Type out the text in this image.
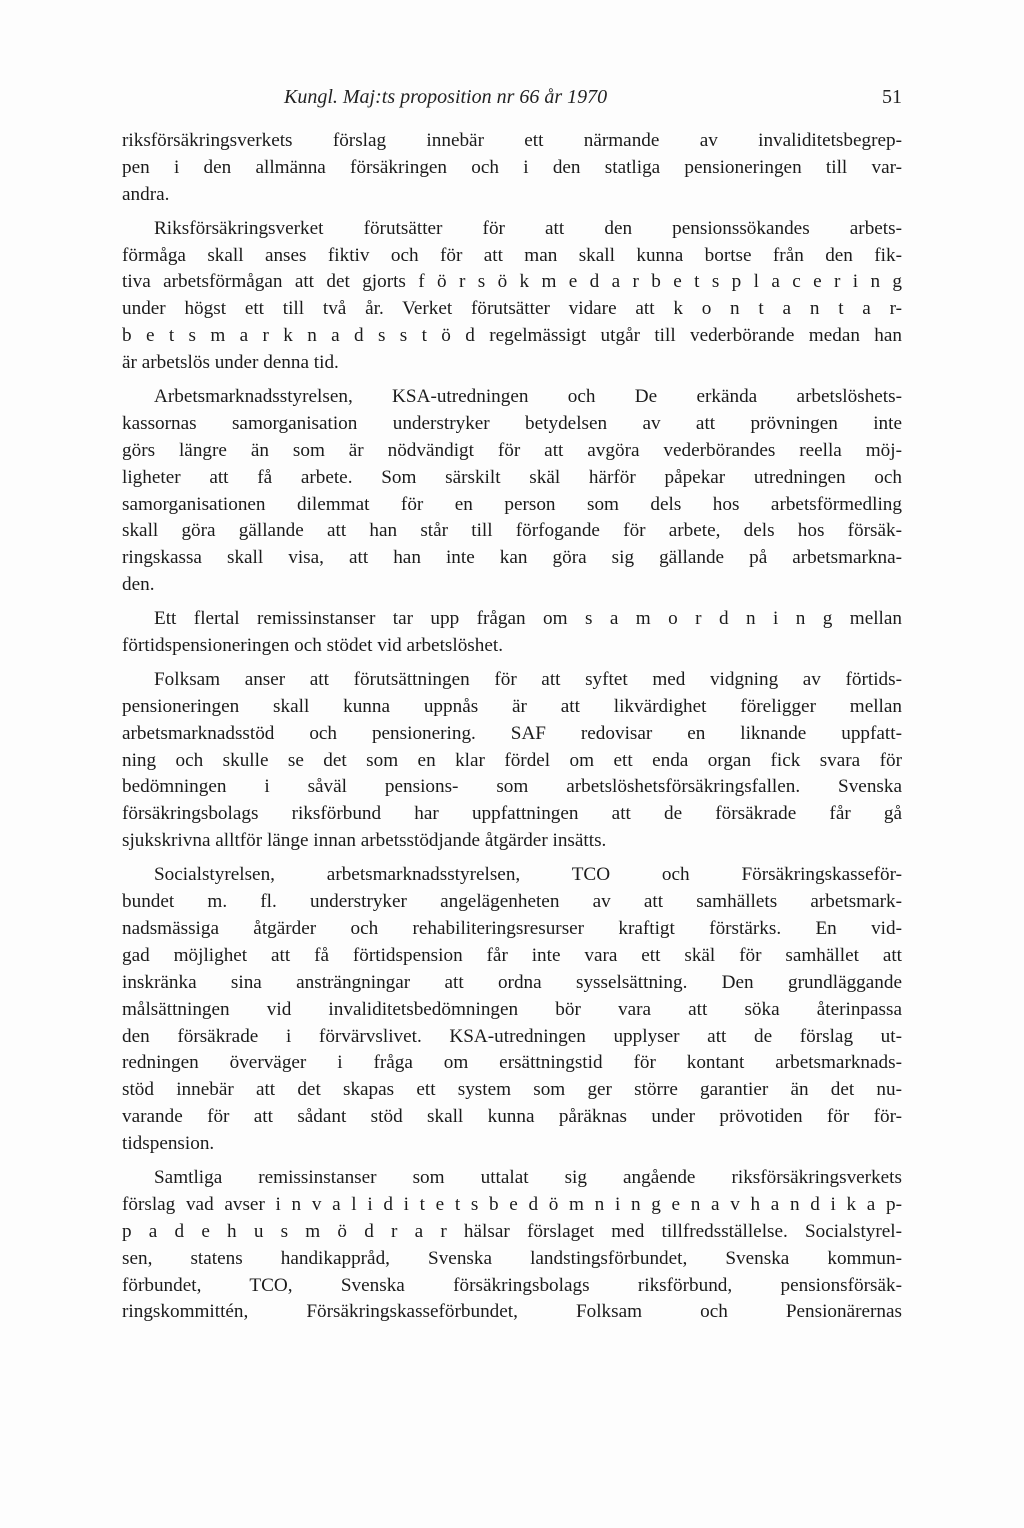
Kungl. Maj:ts proposition nr 66 år 1970	51
riksförsäkringsverkets förslag innebär ett närmande av invaliditetsbegrep-
pen i den allmänna försäkringen och i den statliga pensioneringen till var-
andra.
Riksförsäkringsverket förutsätter för att den pensionssökandes arbets-
förmåga skall anses fiktiv och för att man skall kunna bortse från den fik-
tiva arbetsförmågan att det gjorts f ö r s ö k m e d a r b e t s p l a c e r i n g
under högst ett till två år. Verket förutsätter vidare att k o n t a n t a r-
b e t s m a r k n a d s s t ö d regelmässigt utgår till vederbörande medan han
är arbetslös under denna tid.
Arbetsmarknadsstyrelsen, KSA-utredningen och De erkända arbetslöshets-
kassornas samorganisation understryker betydelsen av att prövningen inte
görs längre än som är nödvändigt för att avgöra vederbörandes reella möj-
ligheter att få arbete. Som särskilt skäl härför påpekar utredningen och
samorganisationen dilemmat för en person som dels hos arbetsförmedling
skall göra gällande att han står till förfogande för arbete, dels hos försäk-
ringskassa skall visa, att han inte kan göra sig gällande på arbetsmarkna-
den.
Ett flertal remissinstanser tar upp frågan om s a m o r d n i n g mellan
förtidspensioneringen och stödet vid arbetslöshet.
Folksam anser att förutsättningen för att syftet med vidgning av förtids-
pensioneringen skall kunna uppnås är att likvärdighet föreligger mellan
arbetsmarknadsstöd och pensionering. SAF redovisar en liknande uppfatt-
ning och skulle se det som en klar fördel om ett enda organ fick svara för
bedömningen i såväl pensions- som arbetslöshetsförsäkringsfallen. Svenska
försäkringsbolags riksförbund har uppfattningen att de försäkrade får gå
sjukskrivna alltför länge innan arbetsstödjande åtgärder insätts.
Socialstyrelsen, arbetsmarknadsstyrelsen, TCO och Försäkringskasseför-
bundet m. fl. understryker angelägenheten av att samhällets arbetsmark-
nadsmässiga åtgärder och rehabiliteringsresurser kraftigt förstärks. En vid-
gad möjlighet att få förtidspension får inte vara ett skäl för samhället att
inskränka sina ansträngningar att ordna sysselsättning. Den grundläggande
målsättningen vid invaliditetsbedömningen bör vara att söka återinpassa
den försäkrade i förvärvslivet. KSA-utredningen upplyser att de förslag ut-
redningen överväger i fråga om ersättningstid för kontant arbetsmarknads-
stöd innebär att det skapas ett system som ger större garantier än det nu-
varande för att sådant stöd skall kunna påräknas under prövotiden för för-
tidspension.
Samtliga remissinstanser som uttalat sig angående riksförsäkringsverkets
förslag vad avser i n v a l i d i t e t s b e d ö m n i n g e n a v h a n d i k a p-
p a d e h u s m ö d r a r hälsar förslaget med tillfredsställelse. Socialstyrel-
sen, statens handikappråd, Svenska landstingsförbundet, Svenska kommun-
förbundet, TCO, Svenska försäkringsbolags riksförbund, pensionsförsäk-
ringskommittén, Försäkringskasseförbundet, Folksam och Pensionärernas
